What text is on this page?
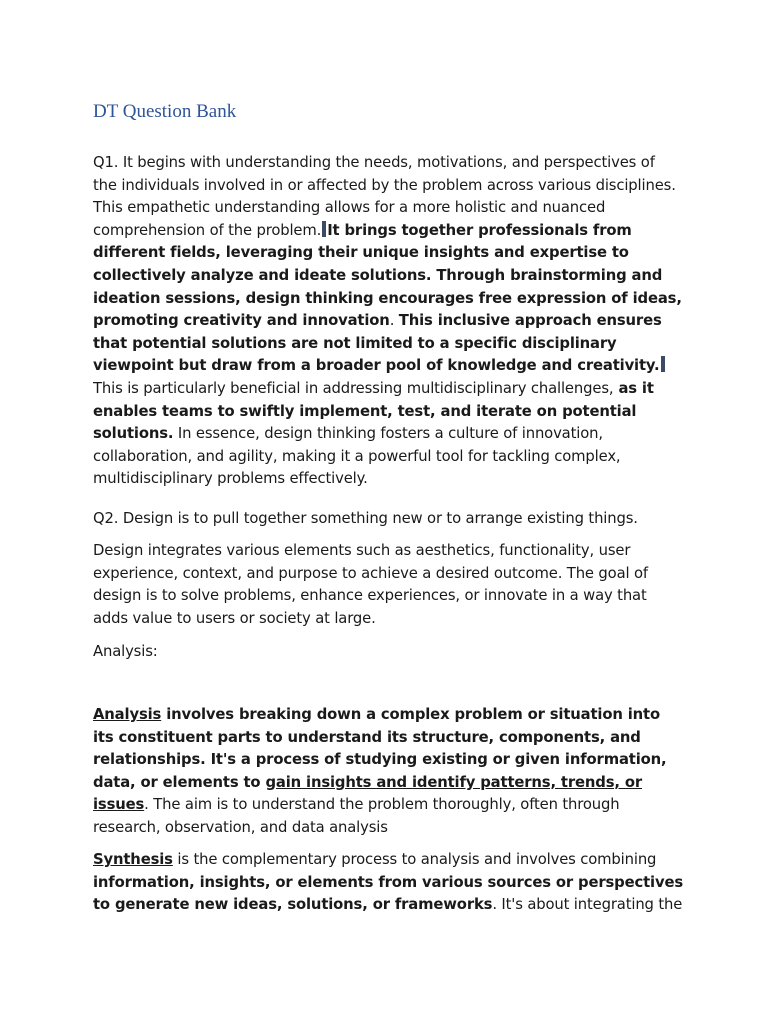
DT Question Bank

Q1. It begins with understanding the needs, motivations, and perspectives of the individuals involved in or affected by the problem across various disciplines. This empathetic understanding allows for a more holistic and nuanced comprehension of the problem. It brings together professionals from different fields, leveraging their unique insights and expertise to collectively analyze and ideate solutions. Through brainstorming and ideation sessions, design thinking encourages free expression of ideas, promoting creativity and innovation. This inclusive approach ensures that potential solutions are not limited to a specific disciplinary viewpoint but draw from a broader pool of knowledge and creativity.This is particularly beneficial in addressing multidisciplinary challenges, as it enables teams to swiftly implement, test, and iterate on potential solutions. In essence, design thinking fosters a culture of innovation, collaboration, and agility, making it a powerful tool for tackling complex, multidisciplinary problems effectively.

Q2. Design is to pull together something new or to arrange existing things.

Design integrates various elements such as aesthetics, functionality, user experience, context, and purpose to achieve a desired outcome. The goal of design is to solve problems, enhance experiences, or innovate in a way that adds value to users or society at large.

Analysis:

Analysis involves breaking down a complex problem or situation into its constituent parts to understand its structure, components, and relationships. It's a process of studying existing or given information, data, or elements to gain insights and identify patterns, trends, or issues. The aim is to understand the problem thoroughly, often through research, observation, and data analysis

Synthesis is the complementary process to analysis and involves combining information, insights, or elements from various sources or perspectives to generate new ideas, solutions, or frameworks. It's about integrating the
